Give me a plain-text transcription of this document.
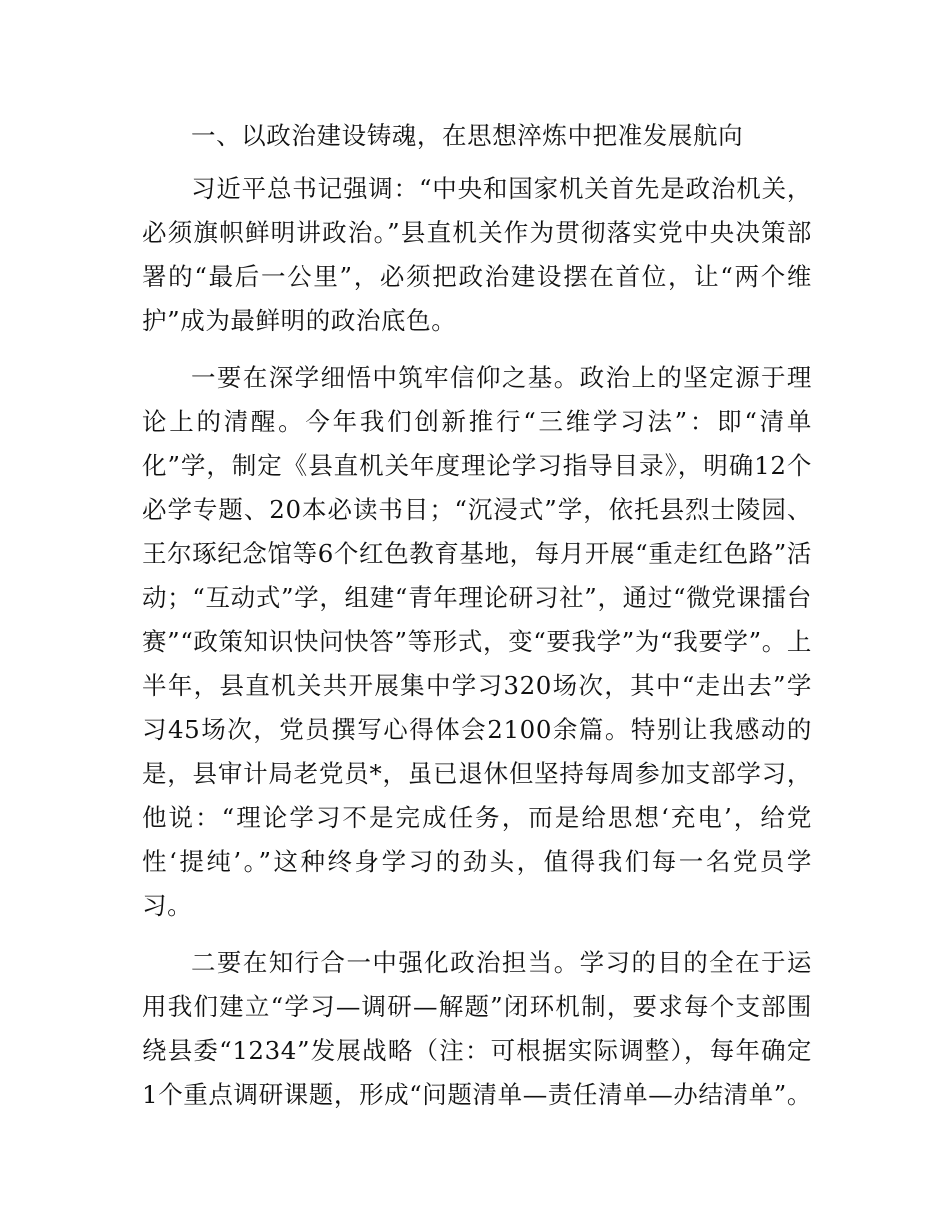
一、以政治建设铸魂，在思想淬炼中把准发展航向

习近平总书记强调：“中央和国家机关首先是政治机关，必须旗帜鲜明讲政治。”县直机关作为贯彻落实党中央决策部署的“最后一公里”，必须把政治建设摆在首位，让“两个维护”成为最鲜明的政治底色。

一要在深学细悟中筑牢信仰之基。政治上的坚定源于理论上的清醒。今年我们创新推行“三维学习法”：即“清单化”学，制定《县直机关年度理论学习指导目录》，明确12个必学专题、20本必读书目；“沉浸式”学，依托县烈士陵园、王尔琢纪念馆等6个红色教育基地，每月开展“重走红色路”活动；“互动式”学，组建“青年理论研习社”，通过“微党课擂台赛”“政策知识快问快答”等形式，变“要我学”为“我要学”。上半年，县直机关共开展集中学习320场次，其中“走出去”学习45场次，党员撰写心得体会2100余篇。特别让我感动的是，县审计局老党员*，虽已退休但坚持每周参加支部学习，他说：“理论学习不是完成任务，而是给思想‘充电’，给党性‘提纯’。”这种终身学习的劲头，值得我们每一名党员学习。

二要在知行合一中强化政治担当。学习的目的全在于运用我们建立“学习—调研—解题”闭环机制，要求每个支部围绕县委“1234”发展战略（注：可根据实际调整），每年确定1个重点调研课题，形成“问题清单—责任清单—办结清单”。
